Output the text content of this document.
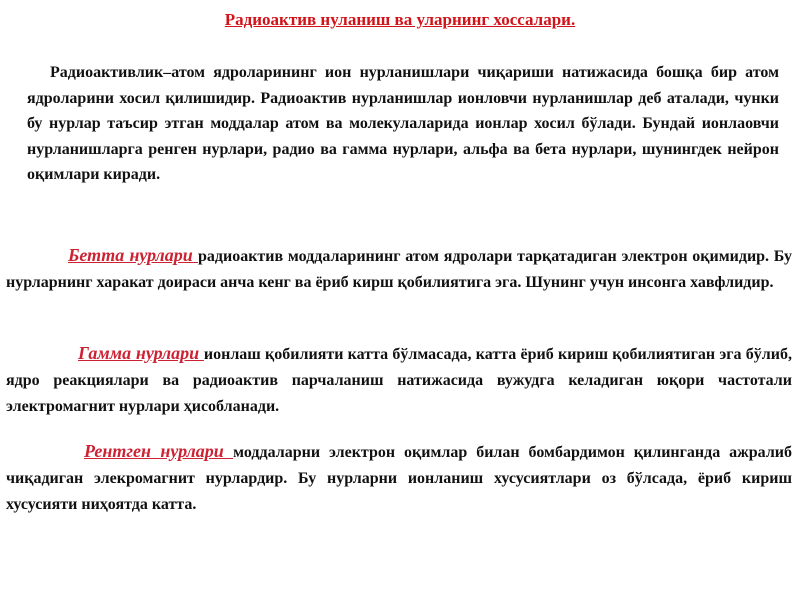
Радиоактив нуланиш ва уларнинг хоссалари.
Радиоактивлик–атом ядроларининг ион нурланишлари чиқариши натижасида бошқа бир атом ядроларини хосил қилишидир. Радиоактив нурланишлар ионловчи нурланишлар деб аталади, чунки бу нурлар таъсир этган моддалар атом ва молекулаларида ионлар хосил бўлади. Бундай ионлаовчи нурланишларга ренген нурлари, радио ва гамма нурлари, альфа ва бета нурлари, шунингдек нейрон оқимлари киради.
Бетта нурлари радиоактив моддаларининг атом ядролари тарқатадиган электрон оқимидир. Бу нурларнинг харакат доираси анча кенг ва ёриб кирш қобилиятига эга. Шунинг учун инсонга хавфлидир.
Гамма нурлари ионлаш қобилияти катта бўлмасада, катта ёриб кириш қобилиятиган эга бўлиб, ядро реакциялари ва радиоактив парчаланиш натижасида вужудга келадиган юқори частотали электромагнит нурлари ҳисобланади.
Рентген нурлари моддаларни электрон оқимлар билан бомбардимон қилинганда ажралиб чиқадиган элекромагнит нурлардир. Бу нурларни ионланиш хусусиятлари оз бўлсада, ёриб кириш хусусияти ниҳоятда катта.
